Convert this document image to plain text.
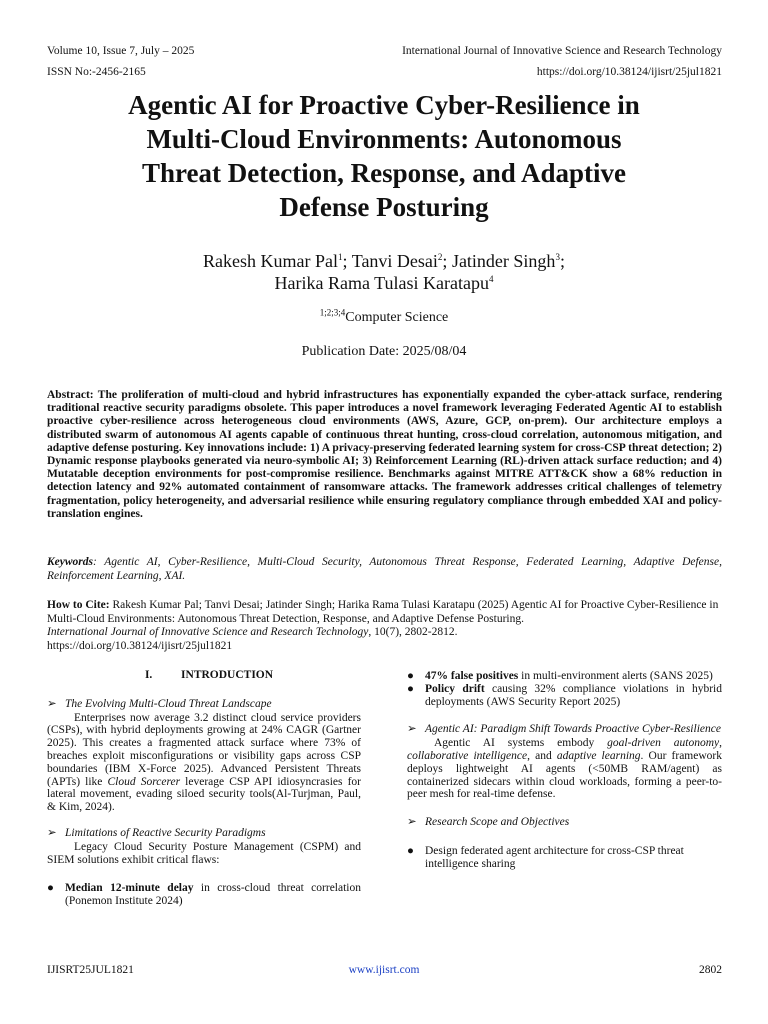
Volume 10, Issue 7, July – 2025	International Journal of Innovative Science and Research Technology
ISSN No:-2456-2165	https://doi.org/10.38124/ijisrt/25jul1821
Agentic AI for Proactive Cyber-Resilience in
Multi-Cloud Environments: Autonomous
Threat Detection, Response, and Adaptive
Defense Posturing
Rakesh Kumar Pal$^1$; Tanvi Desai$^2$; Jatinder Singh$^3$;
Harika Rama Tulasi Karatapu$^4$
$^{1;2;3;4}$Computer Science
Publication Date: 2025/08/04
Abstract: The proliferation of multi-cloud and hybrid infrastructures has exponentially expanded the cyber-attack surface, rendering traditional reactive security paradigms obsolete. This paper introduces a novel framework leveraging Federated Agentic AI to establish proactive cyber-resilience across heterogeneous cloud environments (AWS, Azure, GCP, on-prem). Our architecture employs a distributed swarm of autonomous AI agents capable of continuous threat hunting, cross-cloud correlation, autonomous mitigation, and adaptive defense posturing. Key innovations include: 1) A privacy-preserving federated learning system for cross-CSP threat detection; 2) Dynamic response playbooks generated via neuro-symbolic AI; 3) Reinforcement Learning (RL)-driven attack surface reduction; and 4) Mutatable deception environments for post-compromise resilience. Benchmarks against MITRE ATT&CK show a 68% reduction in detection latency and 92% automated containment of ransomware attacks. The framework addresses critical challenges of telemetry fragmentation, policy heterogeneity, and adversarial resilience while ensuring regulatory compliance through embedded XAI and policy-translation engines.
Keywords: Agentic AI, Cyber-Resilience, Multi-Cloud Security, Autonomous Threat Response, Federated Learning, Adaptive Defense, Reinforcement Learning, XAI.
How to Cite: Rakesh Kumar Pal; Tanvi Desai; Jatinder Singh; Harika Rama Tulasi Karatapu (2025) Agentic AI for Proactive Cyber-Resilience in Multi-Cloud Environments: Autonomous Threat Detection, Response, and Adaptive Defense Posturing.
International Journal of Innovative Science and Research Technology, 10(7), 2802-2812.
https://doi.org/10.38124/ijisrt/25jul1821
I.	INTRODUCTION
➢ The Evolving Multi-Cloud Threat Landscape
Enterprises now average 3.2 distinct cloud service providers (CSPs), with hybrid deployments growing at 24% CAGR (Gartner 2025). This creates a fragmented attack surface where 73% of breaches exploit misconfigurations or visibility gaps across CSP boundaries (IBM X-Force 2025). Advanced Persistent Threats (APTs) like Cloud Sorcerer leverage CSP API idiosyncrasies for lateral movement, evading siloed security tools(Al-Turjman, Paul, & Kim, 2024).
➢ Limitations of Reactive Security Paradigms
Legacy Cloud Security Posture Management (CSPM) and SIEM solutions exhibit critical flaws:
● Median 12-minute delay in cross-cloud threat correlation (Ponemon Institute 2024)
● 47% false positives in multi-environment alerts (SANS 2025)
● Policy drift causing 32% compliance violations in hybrid deployments (AWS Security Report 2025)
➢ Agentic AI: Paradigm Shift Towards Proactive Cyber-Resilience
Agentic AI systems embody goal-driven autonomy, collaborative intelligence, and adaptive learning. Our framework deploys lightweight AI agents (<50MB RAM/agent) as containerized sidecars within cloud workloads, forming a peer-to-peer mesh for real-time defense.
➢ Research Scope and Objectives
● Design federated agent architecture for cross-CSP threat intelligence sharing
IJISRT25JUL1821	www.ijisrt.com	2802
